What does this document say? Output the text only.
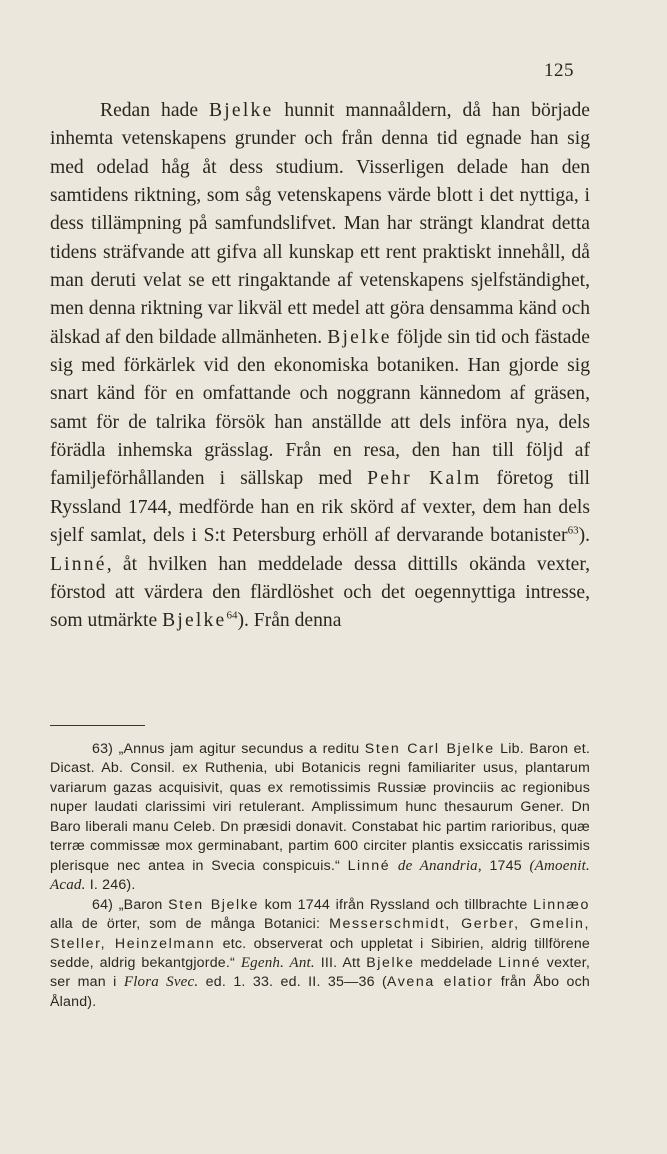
125

Redan hade Bjelke hunnit mannaåldern, då han började inhemta vetenskapens grunder och från denna tid egnade han sig med odelad håg åt dess studium. Visserligen delade han den samtidens riktning, som såg vetenskapens värde blott i det nyttiga, i dess tillämpning på samfundslifvet. Man har strängt klandrat detta tidens sträfvande att gifva all kunskap ett rent praktiskt innehåll, då man deruti velat se ett ringaktande af vetenskapens sjelfständighet, men denna riktning var likväl ett medel att göra densamma känd och älskad af den bildade allmänheten. Bjelke följde sin tid och fästade sig med förkärlek vid den ekonomiska botaniken. Han gjorde sig snart känd för en omfattande och noggrann kännedom af gräsen, samt för de talrika försök han anställde att dels införa nya, dels förädla inhemska grässlag. Från en resa, den han till följd af familjeförhållanden i sällskap med Pehr Kalm företog till Ryssland 1744, medförde han en rik skörd af vexter, dem han dels sjelf samlat, dels i S:t Petersburg erhöll af dervarande botanister$^{63}$). Linné, åt hvilken han meddelade dessa dittills okända vexter, förstod att värdera den flärdlöshet och det oegennyttiga intresse, som utmärkte Bjelke$^{64}$). Från denna

63) „Annus jam agitur secundus a reditu Sten Carl Bjelke Lib. Baron et. Dicast. Ab. Consil. ex Ruthenia, ubi Botanicis regni familiariter usus, plantarum variarum gazas acquisivit, quas ex remotissimis Russiæ provinciis ac regionibus nuper laudati clarissimi viri retulerant. Amplissimum hunc thesaurum Gener. Dn Baro liberali manu Celeb. Dn præsidi donavit. Constabat hic partim rarioribus, quæ terræ commissæ mox germinabant, partim 600 circiter plantis exsiccatis rarissimis plerisque nec antea in Svecia conspicuis.“ Linné de Anandria, 1745 (Amoenit. Acad. I. 246).

64) „Baron Sten Bjelke kom 1744 ifrån Ryssland och tillbrachte Linnæo alla de örter, som de många Botanici: Messerschmidt, Gerber, Gmelin, Steller, Heinzelmann etc. observerat och uppletat i Sibirien, aldrig tillförene sedde, aldrig bekantgjorde.“ Egenh. Ant. III. Att Bjelke meddelade Linné vexter, ser man i Flora Svec. ed. 1. 33. ed. II. 35—36 (Avena elatior från Åbo och Åland).
